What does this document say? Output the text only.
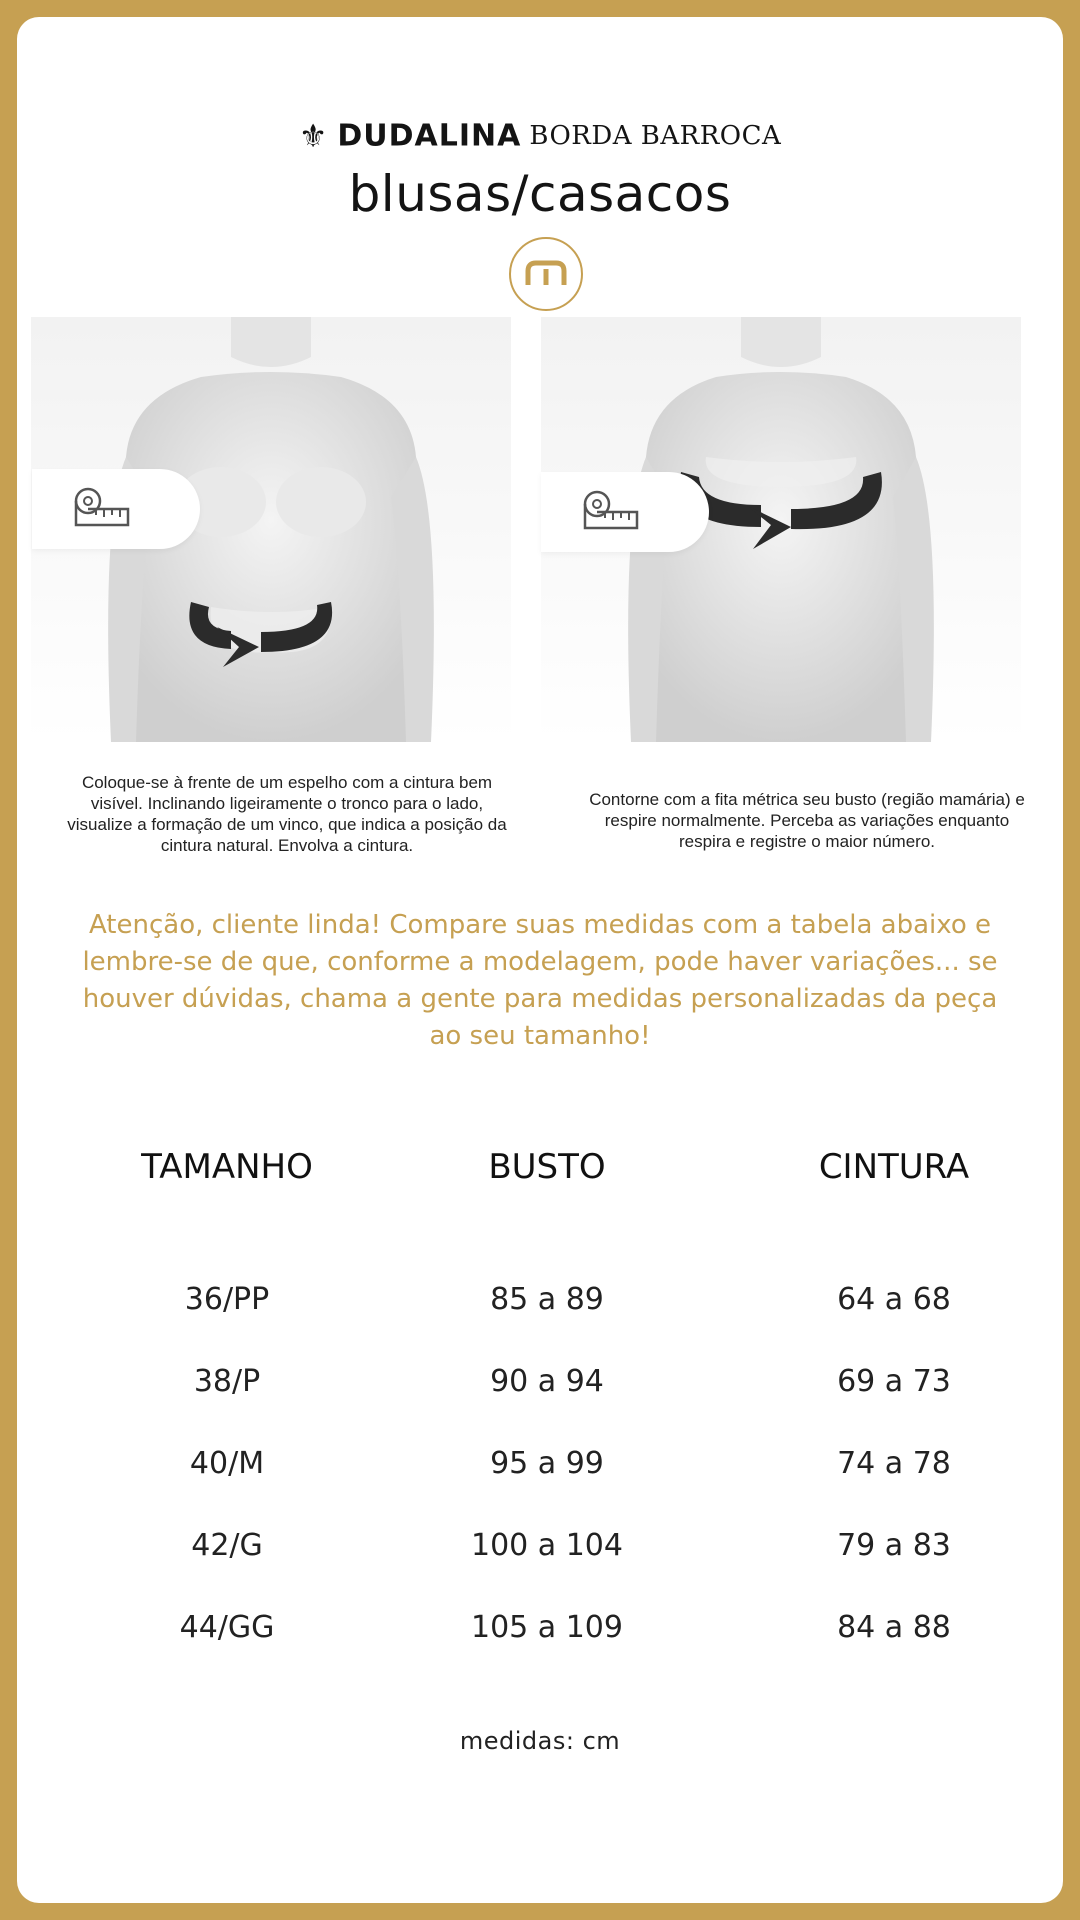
⚜ DUDALINA BORDA BARROCA
blusas/casacos
Coloque-se à frente de um espelho com a cintura bem visível. Inclinando ligeiramente o tronco para o lado, visualize a formação de um vinco, que indica a posição da cintura natural. Envolva a cintura.
Contorne com a fita métrica seu busto (região mamária) e respire normalmente. Perceba as variações enquanto respira e registre o maior número.
Atenção, cliente linda! Compare suas medidas com a tabela abaixo e lembre-se de que, conforme a modelagem, pode haver variações... se houver dúvidas, chama a gente para medidas personalizadas da peça ao seu tamanho!
TAMANHO	BUSTO	CINTURA
36/PP	85 a 89	64 a 68
38/P	90 a 94	69 a 73
40/M	95 a 99	74 a 78
42/G	100 a 104	79 a 83
44/GG	105 a 109	84 a 88
medidas: cm
